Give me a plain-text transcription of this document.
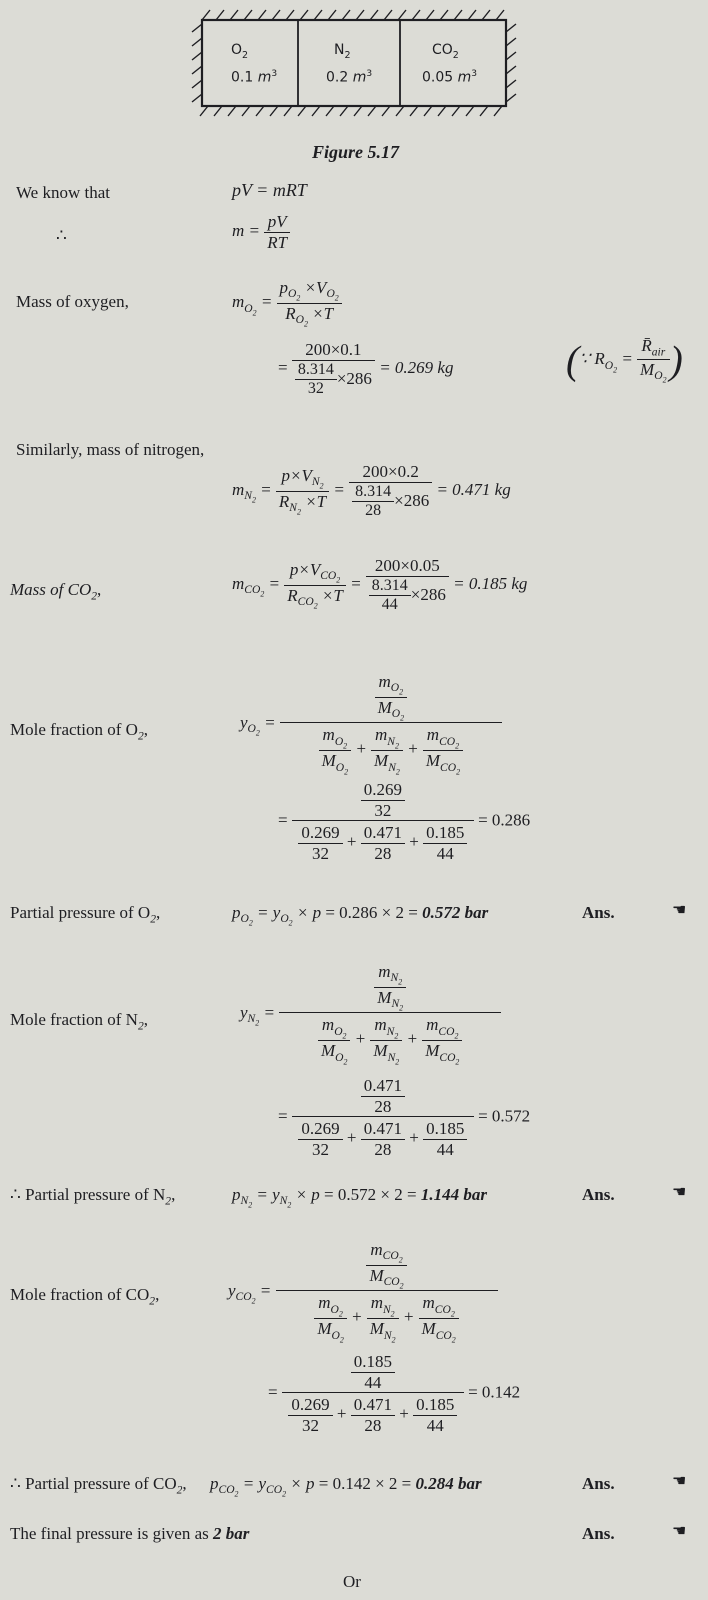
$O_2$
0.1 $m^3$
$N_2$
0.2 $m^3$
$CO_2$
0.05 $m^3$
Figure 5.17
We know that	pV = mRT
∴	$m = \frac{pV}{RT}$
Mass of oxygen,	$m_{O_2} = \frac{p_{O_2} \times V_{O_2}}{R_{O_2} \times T}$
= $\frac{200\times 0.1}{\frac{8.314}{32} \times 286} = 0.269$ kg	(∵ $R_{O_2}$ =
$R̄_{air}$
$M_{O_2}$ )
Similarly, mass of nitrogen,
$m_{N_2} = \frac{p\times V_{N_2}}{R_{N_2} \times T} = \frac{200\times 0.2}{\frac{8.314}{28} \times 286} = 0.471$ kg
Mass of $CO_2$,	$m_{CO_2}$ =
$p\times V_{CO_2}$
$R_{CO_2} \times T$
= $\frac{200\times 0.05}{\frac{8.314}{44} \times 286} = 0.185$ kg
Mole fraction of $O_2$,	$y_{O_2}$ =	$\frac{m_{O_2}}{M_{O_2}}$
$\frac{m_{O_2}}{M_{O_2}} + \frac{m_{N_2}}{M_{N_2}}$ +
$m_{CO_2}$
$M_{CO_2}$
= $\frac{\frac{0.269}{32}}{\frac{0.269}{32} + \frac{0.471}{28} + \frac{0.185}{44}} = 0.286$
Partial pressure of $O_2$,	$p_{O_2} = y_{O_2} \times p = 0.286 \times 2 = 0.572$ bar	Ans.	☚
Mole fraction of $N_2$,	$y_{N_2}$ =	$\frac{m_{N_2}}{M_{N_2}}$
$\frac{m_{O_2}}{M_{O_2}} + \frac{m_{N_2}}{M_{N_2}}$ +
$m_{CO_2}$
$M_{CO_2}$
= $\frac{\frac{0.471}{28}}{\frac{0.269}{32} + \frac{0.471}{28} + \frac{0.185}{44}} = 0.572$
∴ Partial pressure of $N_2$,	$p_{N_2} = y_{N_2} \times p = 0.572 \times 2 = 1.144$ bar	Ans.	☚
Mole fraction of $CO_2$,	$y_{CO_2}$ =
$m_{CO_2}$
$M_{CO_2}$
$\frac{m_{O_2}}{M_{O_2}} + \frac{m_{N_2}}{M_{N_2}}$ +
$m_{CO_2}$
$M_{CO_2}$
= $\frac{\frac{0.185}{44}}{\frac{0.269}{32} + \frac{0.471}{28} + \frac{0.185}{44}} = 0.142$
∴ Partial pressure of $CO_2$, $p_{CO_2} = y_{CO_2} \times p = 0.142 \times 2 = 0.284$ bar	Ans.	☚
The final pressure is given as 2 bar	Ans.	☚
Or
